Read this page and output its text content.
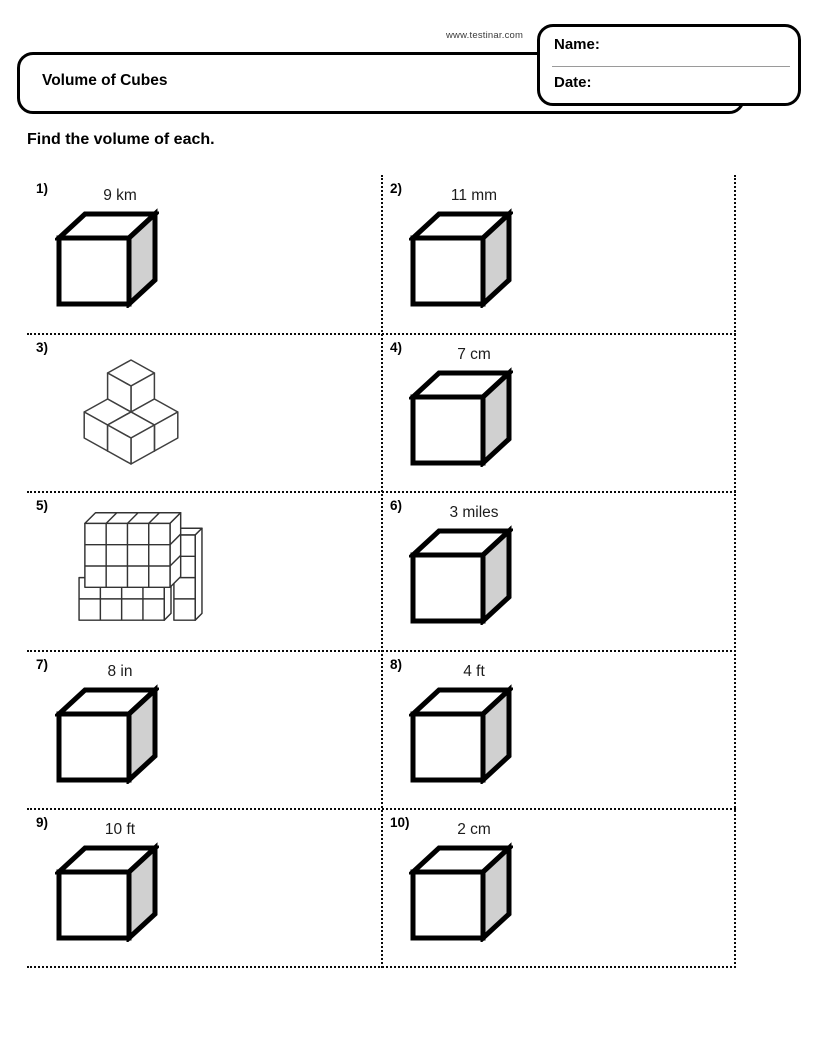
www.testinar.com
Volume of Cubes
Name:
Date:
Find the volume of each.
1)	9 km	2)	11 mm
3)	4)	7 cm
5)	6)	3 miles
7)	8 in	8)	4 ft
9)	10 ft	10)	2 cm
